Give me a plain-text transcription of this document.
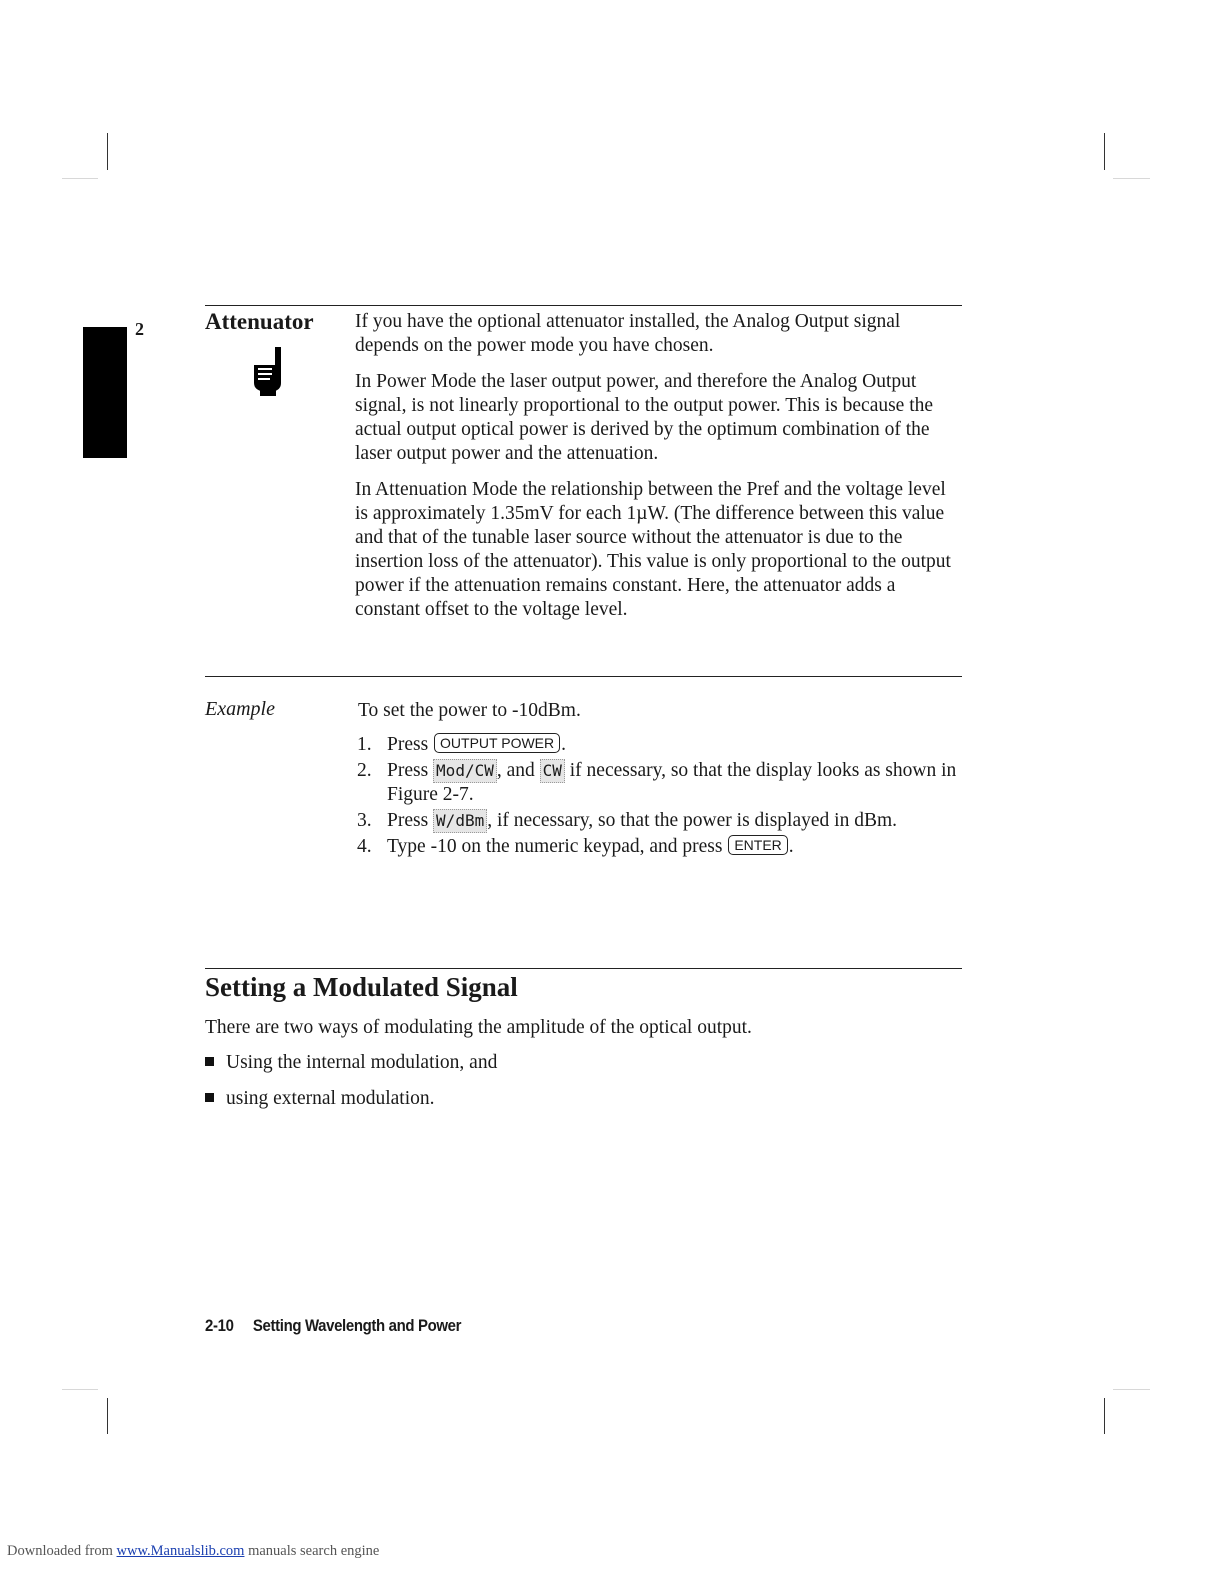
2	Attenuator If you have the optional attenuator installed, the Analog Output signal depends on the power mode you have chosen.

In Power Mode the laser output power, and therefore the Analog Output signal, is not linearly proportional to the output power. This is because the actual output optical power is derived by the optimum combination of the laser output power and the attenuation.

In Attenuation Mode the relationship between the Pref and the voltage level is approximately 1.35mV for each 1µW. (The difference between this value and that of the tunable laser source without the attenuator is due to the insertion loss of the attenuator). This value is only proportional to the output power if the attenuation remains constant. Here, the attenuator adds a constant offset to the voltage level.

Example	To set the power to -10dBm.
1. Press OUTPUT POWER .
2. Press Mod/CW , and CW if necessary, so that the display looks as shown in Figure 2-7.
3. Press W/dBm , if necessary, so that the power is displayed in dBm.
4. Type -10 on the numeric keypad, and press ENTER .
Setting a Modulated Signal
There are two ways of modulating the amplitude of the optical output.
Using the internal modulation, and
using external modulation.
2-10 Setting Wavelength and Power
Downloaded from www.Manualslib.com manuals search engine
